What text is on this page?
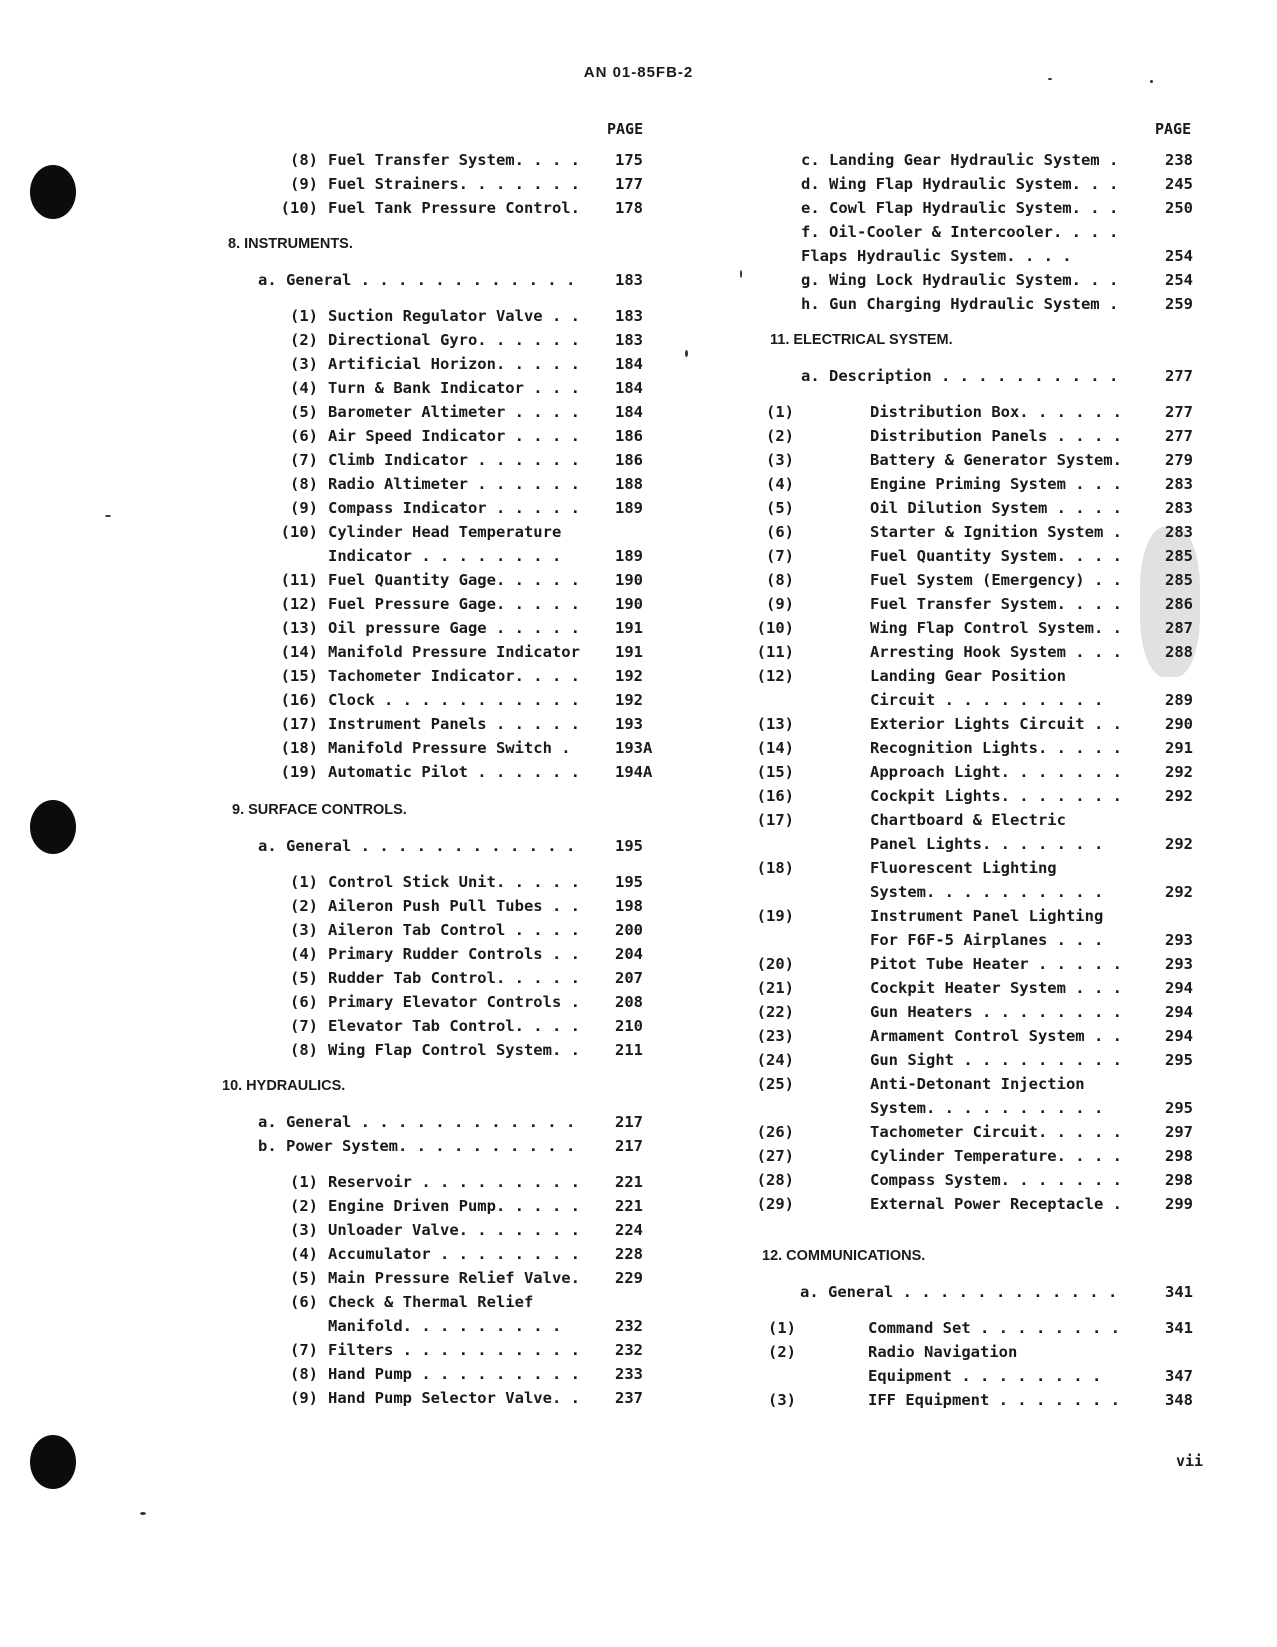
AN 01-85FB-2
PAGE	PAGE
(8) Fuel Transfer System. . . . 175
(9) Fuel Strainers. . . . . . . 177
(10) Fuel Tank Pressure Control. 178
8. INSTRUMENTS.
a. General . . . . . . . . . . . .	183
(1) Suction Regulator Valve . . 183
(2) Directional Gyro. . . . . . 183
(3) Artificial Horizon. . . . . 184
(4) Turn & Bank Indicator . . . 184
(5) Barometer Altimeter . . . . 184
(6) Air Speed Indicator . . . . 186
(7) Climb Indicator . . . . . . 186
(8) Radio Altimeter . . . . . . 188
(9) Compass Indicator . . . . . 189
(10) Cylinder Head Temperature
Indicator . . . . . . . .	189
(11) Fuel Quantity Gage. . . . . 190
(12) Fuel Pressure Gage. . . . . 190
(13) Oil pressure Gage . . . . . 191
(14) Manifold Pressure Indicator 191
(15) Tachometer Indicator. . . . 192
(16) Clock . . . . . . . . . . . 192
(17) Instrument Panels . . . . . 193
(18) Manifold Pressure Switch .	193A
(19) Automatic Pilot . . . . . . 194A
9. SURFACE CONTROLS.
a. General . . . . . . . . . . . .	195
(1) Control Stick Unit. . . . . 195
(2) Aileron Push Pull Tubes . . 198
(3) Aileron Tab Control . . . . 200
(4) Primary Rudder Controls . . 204
(5) Rudder Tab Control. . . . . 207
(6) Primary Elevator Controls . 208
(7) Elevator Tab Control. . . . 210
(8) Wing Flap Control System. . 211
10. HYDRAULICS.
a. General . . . . . . . . . . . .	217
b. Power System. . . . . . . . . .	217
(1) Reservoir . . . . . . . . . 221
(2) Engine Driven Pump. . . . . 221
(3) Unloader Valve. . . . . . . 224
(4) Accumulator . . . . . . . . 228
(5) Main Pressure Relief Valve. 229
(6) Check & Thermal Relief
Manifold. . . . . . . . .	232
(7) Filters . . . . . . . . . . 232
(8) Hand Pump . . . . . . . . . 233
(9) Hand Pump Selector Valve. . 237
c. Landing Gear Hydraulic System .	238
d. Wing Flap Hydraulic System. . .	245
e. Cowl Flap Hydraulic System. . .	250
f. Oil-Cooler & Intercooler. . . .
Flaps Hydraulic System. . . .	254
g. Wing Lock Hydraulic System. . .	254
h. Gun Charging Hydraulic System .	259
11. ELECTRICAL SYSTEM.
a. Description . . . . . . . . . .	277
(1)	Distribution Box. . . . . .	277
(2)	Distribution Panels . . . .	277
(3)	Battery & Generator System.	279
(4)	Engine Priming System . . .	283
(5)	Oil Dilution System . . . .	283
(6)	Starter & Ignition System .	283
(7)	Fuel Quantity System. . . .	285
(8)	Fuel System (Emergency) . .	285
(9)	Fuel Transfer System. . . .	286
(10)	Wing Flap Control System. .	287
(11)	Arresting Hook System . . .	288
(12)	Landing Gear Position
Circuit . . . . . . . . .	289
(13)	Exterior Lights Circuit . .	290
(14)	Recognition Lights. . . . .	291
(15)	Approach Light. . . . . . .	292
(16)	Cockpit Lights. . . . . . .	292
(17)	Chartboard & Electric
Panel Lights. . . . . . .	292
(18)	Fluorescent Lighting
System. . . . . . . . . .	292
(19)	Instrument Panel Lighting
For F6F-5 Airplanes . . .	293
(20)	Pitot Tube Heater . . . . .	293
(21)	Cockpit Heater System . . .	294
(22)	Gun Heaters . . . . . . . .	294
(23)	Armament Control System . .	294
(24)	Gun Sight . . . . . . . . .	295
(25)	Anti-Detonant Injection
System. . . . . . . . . .	295
(26)	Tachometer Circuit. . . . .	297
(27)	Cylinder Temperature. . . .	298
(28)	Compass System. . . . . . .	298
(29)	External Power Receptacle .	299
12. COMMUNICATIONS.
a. General . . . . . . . . . . . .	341
(1)	Command Set . . . . . . . .	341
(2)	Radio Navigation
Equipment . . . . . . . .	347
(3)	IFF Equipment . . . . . . .	348
vii
